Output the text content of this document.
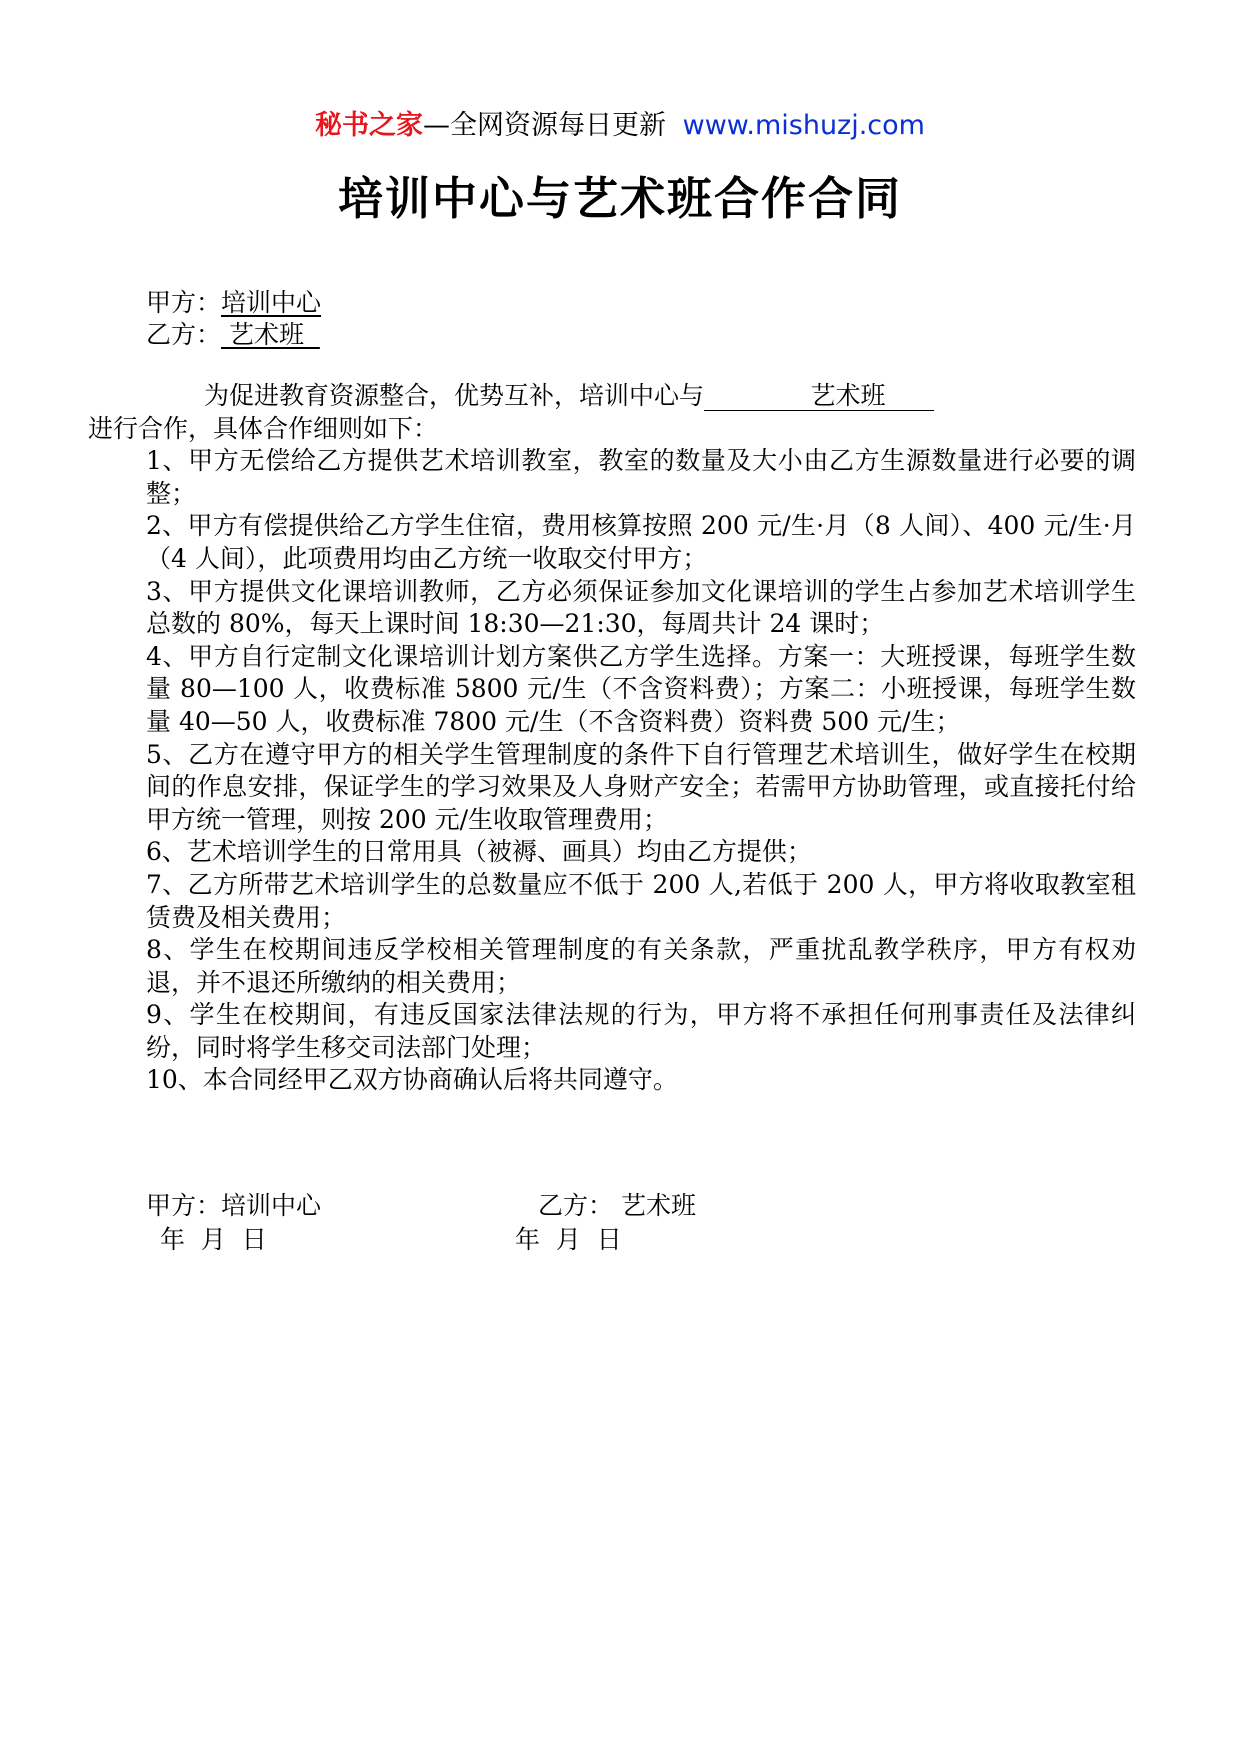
秘书之家—全网资源每日更新 www.mishuzj.com
培训中心与艺术班合作合同
甲方：培训中心
乙方： 艺术班

为促进教育资源整合，优势互补，培训中心与	艺术班
进行合作，具体合作细则如下：

1、甲方无偿给乙方提供艺术培训教室，教室的数量及大小由乙方生源数量进行必要的调整；

2、甲方有偿提供给乙方学生住宿，费用核算按照 200 元/生·月（8 人间）、400 元/生·月（4 人间），此项费用均由乙方统一收取交付甲方；

3、甲方提供文化课培训教师，乙方必须保证参加文化课培训的学生占参加艺术培训学生总数的 80%，每天上课时间 18:30—21:30，每周共计 24 课时；

4、甲方自行定制文化课培训计划方案供乙方学生选择。方案一：大班授课，每班学生数量 80—100 人，收费标准 5800 元/生（不含资料费）；方案二：小班授课，每班学生数量 40—50 人，收费标准 7800 元/生（不含资料费）资料费 500 元/生；

5、乙方在遵守甲方的相关学生管理制度的条件下自行管理艺术培训生，做好学生在校期间的作息安排，保证学生的学习效果及人身财产安全；若需甲方协助管理，或直接托付给甲方统一管理，则按 200 元/生收取管理费用；

6、艺术培训学生的日常用具（被褥、画具）均由乙方提供；

7、乙方所带艺术培训学生的总数量应不低于 200 人,若低于 200 人，甲方将收取教室租赁费及相关费用；

8、学生在校期间违反学校相关管理制度的有关条款，严重扰乱教学秩序，甲方有权劝退，并不退还所缴纳的相关费用；

9、学生在校期间，有违反国家法律法规的行为，甲方将不承担任何刑事责任及法律纠纷，同时将学生移交司法部门处理；

10、本合同经甲乙双方协商确认后将共同遵守。

甲方：培训中心
年  月  日
乙方： 艺术班
年  月  日
